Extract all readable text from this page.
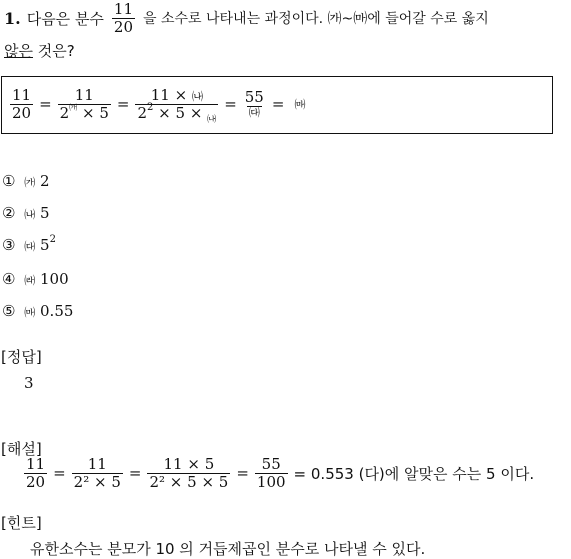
1. 다음은 분수 $\frac{11}{20}$ 을 소수로 나타내는 과정이다. ㈎~㈒에 들어갈 수로 옳지
않은 것은?
$\frac{11}{20} = \frac{11}{2^㈎ \times 5} = \frac{11 \times ㈏}{2^2 \times 5 \times _㈏} = \frac{55}{㈐}$ = ㈒
① ㈎ 2
② ㈏ 5
③ ㈐ $5^2$
④ ㈑ 100
⑤ ㈒ 0.55
[정답]
3
[해설]
$\frac{11}{20} = \frac{11}{\text{2² × 5}} = \frac{11 \times 5}{\text{2² × 5 × 5}} = \frac{55}{100} = 0.553$ (다)에 알맞은 수는 5 이다.
[힌트]
유한소수는 분모가 10 의 거듭제곱인 분수로 나타낼 수 있다.
